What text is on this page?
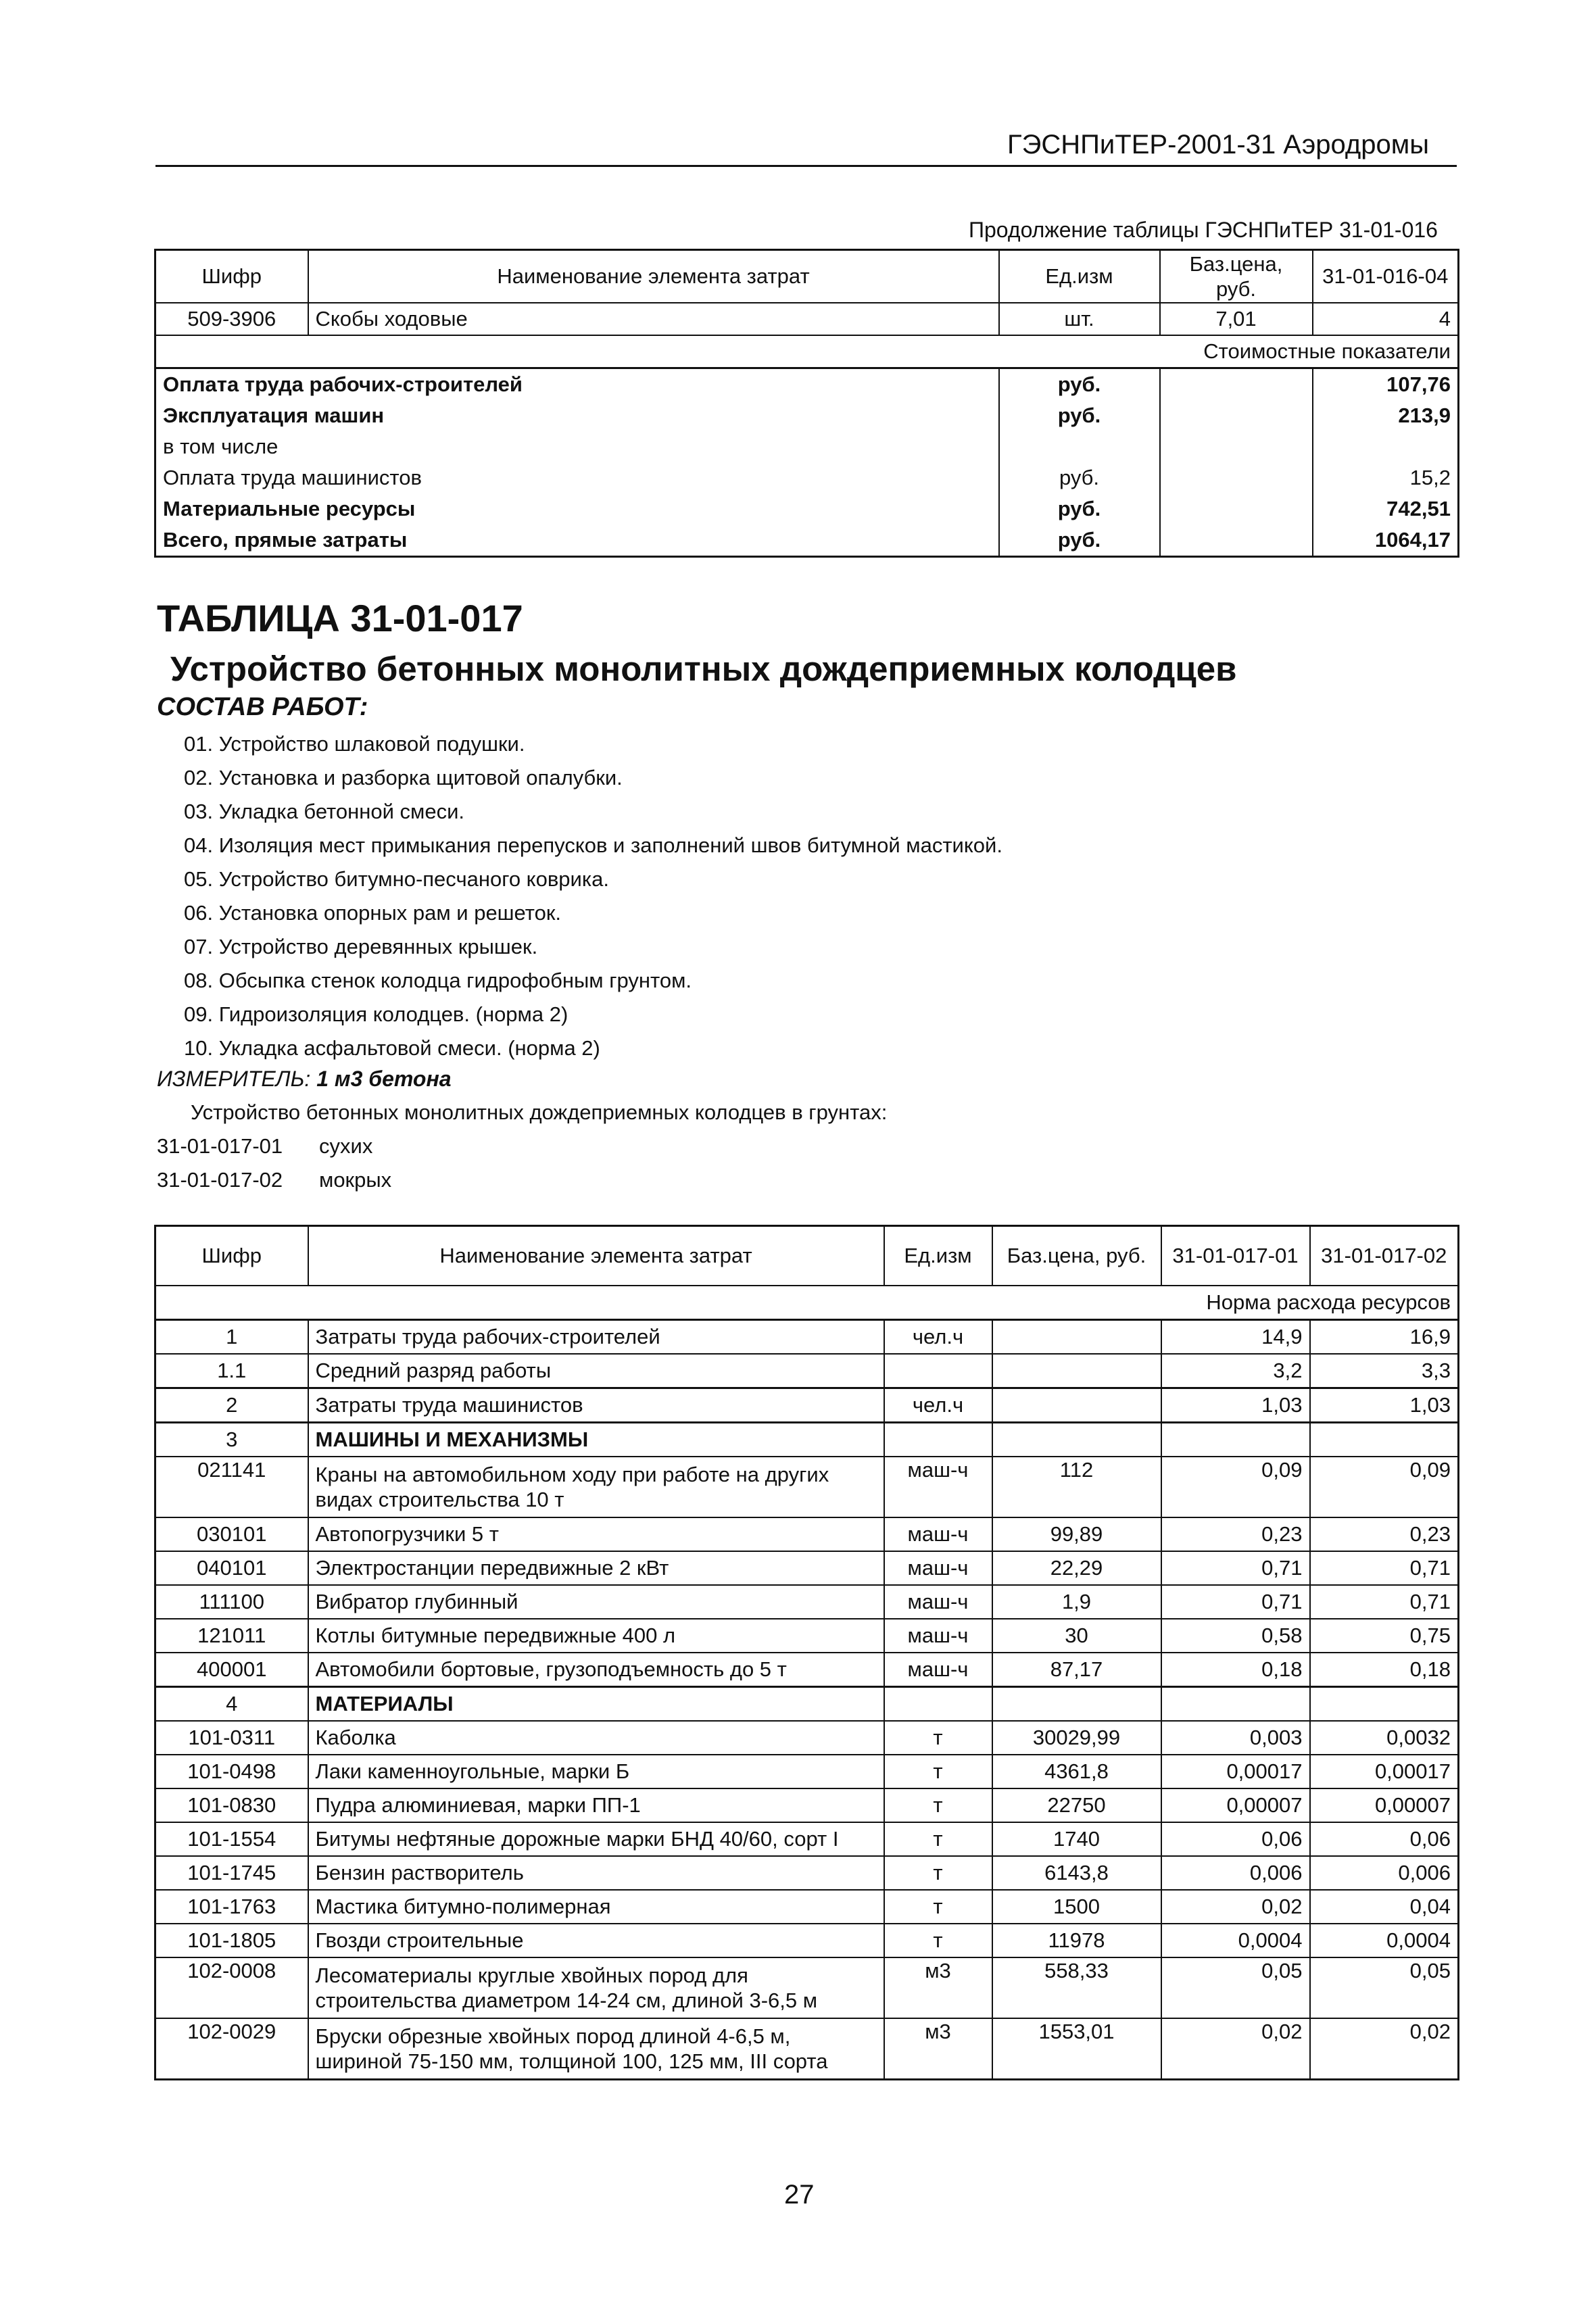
ГЭСНПиТЕР-2001-31 Аэродромы
Продолжение таблицы ГЭСНПиТЕР 31-01-016
Шифр	Наименование элемента затрат	Ед.изм	Баз.цена, руб.	31-01-016-04
509-3906	Скобы ходовые	шт.	7,01	4
Стоимостные показатели				
Оплата труда рабочих-строителей		руб.		107,76
Эксплуатация машин		руб.		213,9
в том числе				
Оплата труда машинистов		руб.		15,2
Материальные ресурсы		руб.		742,51
Всего, прямые затраты		руб.		1064,17
ТАБЛИЦА 31-01-017
Устройство бетонных монолитных дождеприемных колодцев
СОСТАВ РАБОТ:
01. Устройство шлаковой подушки.
02. Установка и разборка щитовой опалубки.
03. Укладка бетонной смеси.
04. Изоляция мест примыкания перепусков и заполнений швов битумной мастикой.
05. Устройство битумно-песчаного коврика.
06. Установка опорных рам и решеток.
07. Устройство деревянных крышек.
08. Обсыпка стенок колодца гидрофобным грунтом.
09. Гидроизоляция колодцев. (норма 2)
10. Укладка асфальтовой смеси. (норма 2)
ИЗМЕРИТЕЛЬ: 1 м3 бетона
Устройство бетонных монолитных дождеприемных колодцев в грунтах:
31-01-017-01 сухих
31-01-017-02 мокрых
Шифр	Наименование элемента затрат	Ед.изм	Баз.цена, руб.	31-01-017-01	31-01-017-02
Норма расхода ресурсов					
1	Затраты труда рабочих-строителей	чел.ч		14,9	16,9
1.1	Средний разряд работы			3,2	3,3
2	Затраты труда машинистов	чел.ч		1,03	1,03
3	МАШИНЫ И МЕХАНИЗМЫ				
021141	Краны на автомобильном ходу при работе на других видах строительства 10 т	маш-ч	112	0,09	0,09
030101	Автопогрузчики 5 т	маш-ч	99,89	0,23	0,23
040101	Электростанции передвижные 2 кВт	маш-ч	22,29	0,71	0,71
111100	Вибратор глубинный	маш-ч	1,9	0,71	0,71
121011	Котлы битумные передвижные 400 л	маш-ч	30	0,58	0,75
400001	Автомобили бортовые, грузоподъемность до 5 т	маш-ч	87,17	0,18	0,18
4	МАТЕРИАЛЫ				
101-0311	Каболка	т	30029,99	0,003	0,0032
101-0498	Лаки каменноугольные, марки Б	т	4361,8	0,00017	0,00017
101-0830	Пудра алюминиевая, марки ПП-1	т	22750	0,00007	0,00007
101-1554	Битумы нефтяные дорожные марки БНД 40/60, сорт I	т	1740	0,06	0,06
101-1745	Бензин растворитель	т	6143,8	0,006	0,006
101-1763	Мастика битумно-полимерная	т	1500	0,02	0,04
101-1805	Гвозди строительные	т	11978	0,0004	0,0004
102-0008	Лесоматериалы круглые хвойных пород для строительства диаметром 14-24 см, длиной 3-6,5 м	м3	558,33	0,05	0,05
102-0029	Бруски обрезные хвойных пород длиной 4-6,5 м, шириной 75-150 мм, толщиной 100, 125 мм, III сорта	м3	1553,01	0,02	0,02
27
